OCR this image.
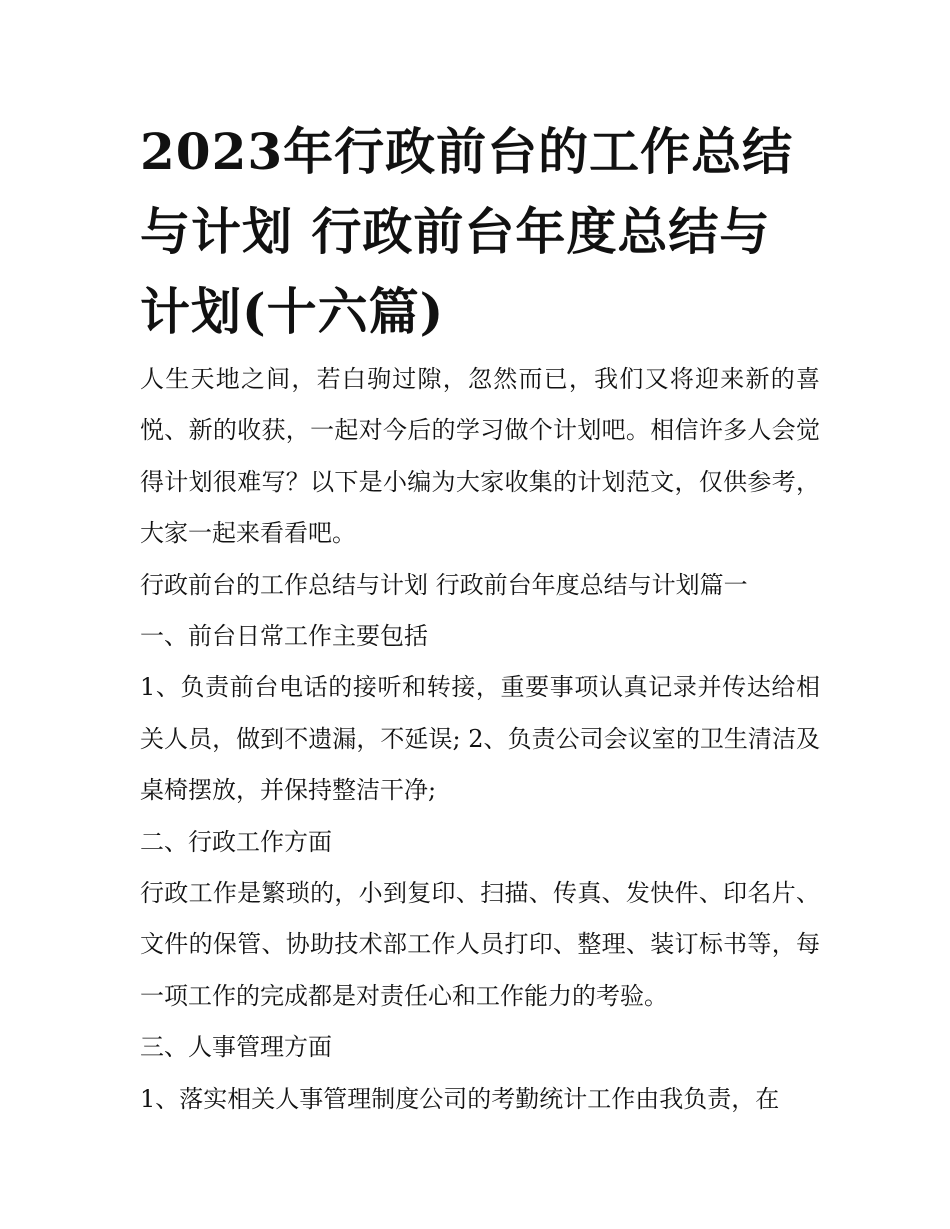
2023年行政前台的工作总结与计划 行政前台年度总结与计划(十六篇)

人生天地之间，若白驹过隙，忽然而已，我们又将迎来新的喜悦、新的收获，一起对今后的学习做个计划吧。相信许多人会觉得计划很难写？以下是小编为大家收集的计划范文，仅供参考，大家一起来看看吧。

行政前台的工作总结与计划 行政前台年度总结与计划篇一

一、前台日常工作主要包括

1、负责前台电话的接听和转接，重要事项认真记录并传达给相关人员，做到不遗漏，不延误; 2、负责公司会议室的卫生清洁及桌椅摆放，并保持整洁干净;

二、行政工作方面

行政工作是繁琐的，小到复印、扫描、传真、发快件、印名片、文件的保管、协助技术部工作人员打印、整理、装订标书等，每一项工作的完成都是对责任心和工作能力的考验。

三、人事管理方面

1、落实相关人事管理制度公司的考勤统计工作由我负责，在
